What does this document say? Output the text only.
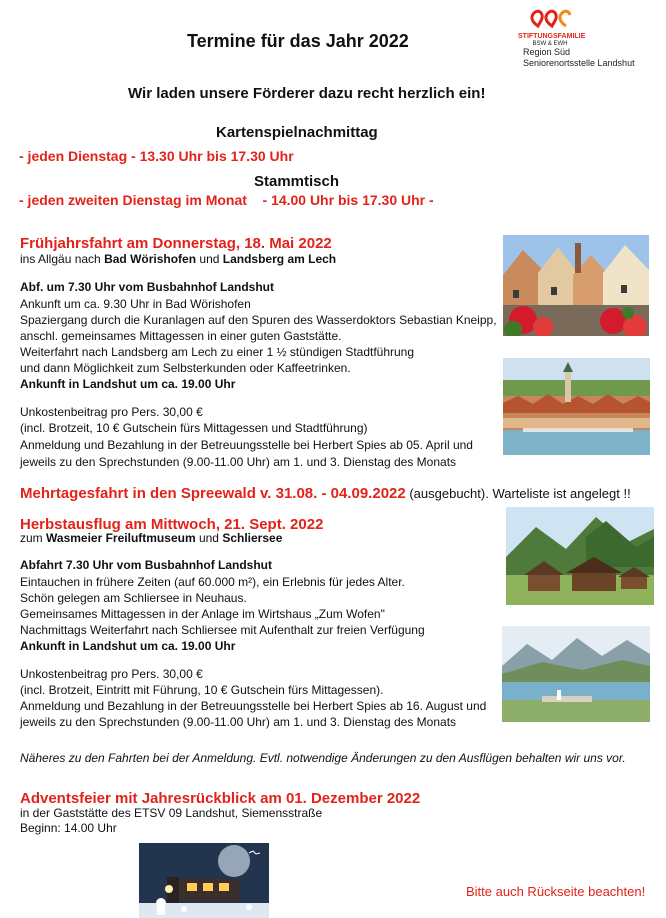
STIFTUNGSFAMILIE
BSW & EWH
Region Süd
Seniorenortsstelle Landshut
Termine für das Jahr 2022
Wir laden unsere Förderer dazu recht herzlich ein!
Kartenspielnachmittag
- jeden Dienstag - 13.30 Uhr bis 17.30 Uhr
Stammtisch
- jeden zweiten Dienstag im Monat    - 14.00 Uhr bis 17.30 Uhr -
Frühjahrsfahrt am Donnerstag, 18. Mai 2022
ins Allgäu nach Bad Wörishofen und Landsberg am Lech
Abf. um 7.30 Uhr vom Busbahnhof Landshut
Ankunft um ca. 9.30 Uhr in Bad Wörishofen
Spaziergang durch die Kuranlagen auf den Spuren des Wasserdoktors Sebastian Kneipp,
anschl. gemeinsames Mittagessen in einer guten Gaststätte.
Weiterfahrt nach Landsberg am Lech zu einer 1 ½ stündigen Stadtführung
und dann Möglichkeit zum Selbsterkunden oder Kaffeetrinken.
Ankunft in Landshut um ca. 19.00 Uhr
Unkostenbeitrag pro Pers. 30,00 €
(incl. Brotzeit, 10 € Gutschein fürs Mittagessen und Stadtführung)
Anmeldung und Bezahlung in der Betreuungsstelle bei Herbert Spies ab 05. April und
jeweils zu den Sprechstunden (9.00-11.00 Uhr) am 1. und 3. Dienstag des Monats
Mehrtagesfahrt in den Spreewald v. 31.08. - 04.09.2022 (ausgebucht). Warteliste ist angelegt !!
Herbstausflug am Mittwoch, 21. Sept. 2022
zum Wasmeier Freiluftmuseum und Schliersee
Abfahrt 7.30 Uhr vom Busbahnhof Landshut
Eintauchen in frühere Zeiten (auf 60.000 m²), ein Erlebnis für jedes Alter.
Schön gelegen am Schliersee in Neuhaus.
Gemeinsames Mittagessen in der Anlage im Wirtshaus „Zum Wofen"
Nachmittags Weiterfahrt nach Schliersee mit Aufenthalt zur freien Verfügung
Ankunft in Landshut um ca. 19.00 Uhr
Unkostenbeitrag pro Pers. 30,00 €
(incl. Brotzeit, Eintritt mit Führung, 10 € Gutschein fürs Mittagessen).
Anmeldung und Bezahlung in der Betreuungsstelle bei Herbert Spies ab 16. August und
jeweils zu den Sprechstunden (9.00-11.00 Uhr) am 1. und 3. Dienstag des Monats
Näheres zu den Fahrten bei der Anmeldung. Evtl. notwendige Änderungen zu den Ausflügen behalten wir uns vor.
Adventsfeier mit Jahresrückblick am 01. Dezember 2022
in der Gaststätte des ETSV 09 Landshut, Siemensstraße
Beginn: 14.00 Uhr
Bitte auch Rückseite beachten!
